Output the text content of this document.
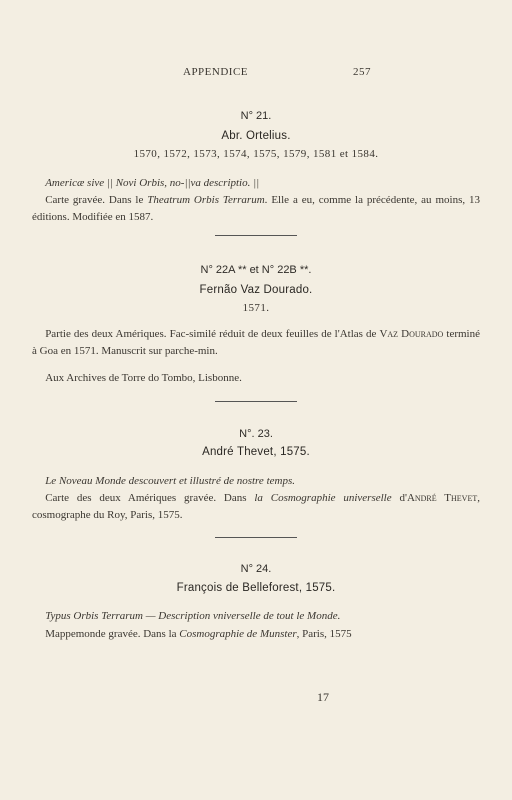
APPENDICE	257
N° 21.
Abr. Ortelius.
1570, 1572, 1573, 1574, 1575, 1579, 1581 et 1584.
Americæ sive || Novi Orbis, no-||va descriptio. ||
Carte gravée. Dans le Theatrum Orbis Terrarum. Elle a eu, comme la précédente, au moins, 13 éditions. Modifiée en 1587.
N° 22A ** et N° 22B **.
Fernão Vaz Dourado.
1571.
Partie des deux Amériques. Fac-similé réduit de deux feuilles de l'Atlas de Vaz Dourado terminé à Goa en 1571. Manuscrit sur parche-min.
Aux Archives de Torre do Tombo, Lisbonne.
N°. 23.
André Thevet, 1575.
Le Noveau Monde descouvert et illustré de nostre temps.
Carte des deux Amériques gravée. Dans la Cosmographie universelle d'André Thevet, cosmographe du Roy, Paris, 1575.
N° 24.
François de Belleforest, 1575.
Typus Orbis Terrarum — Description vniverselle de tout le Monde.
Mappemonde gravée. Dans la Cosmographie de Munster, Paris, 1575
17
